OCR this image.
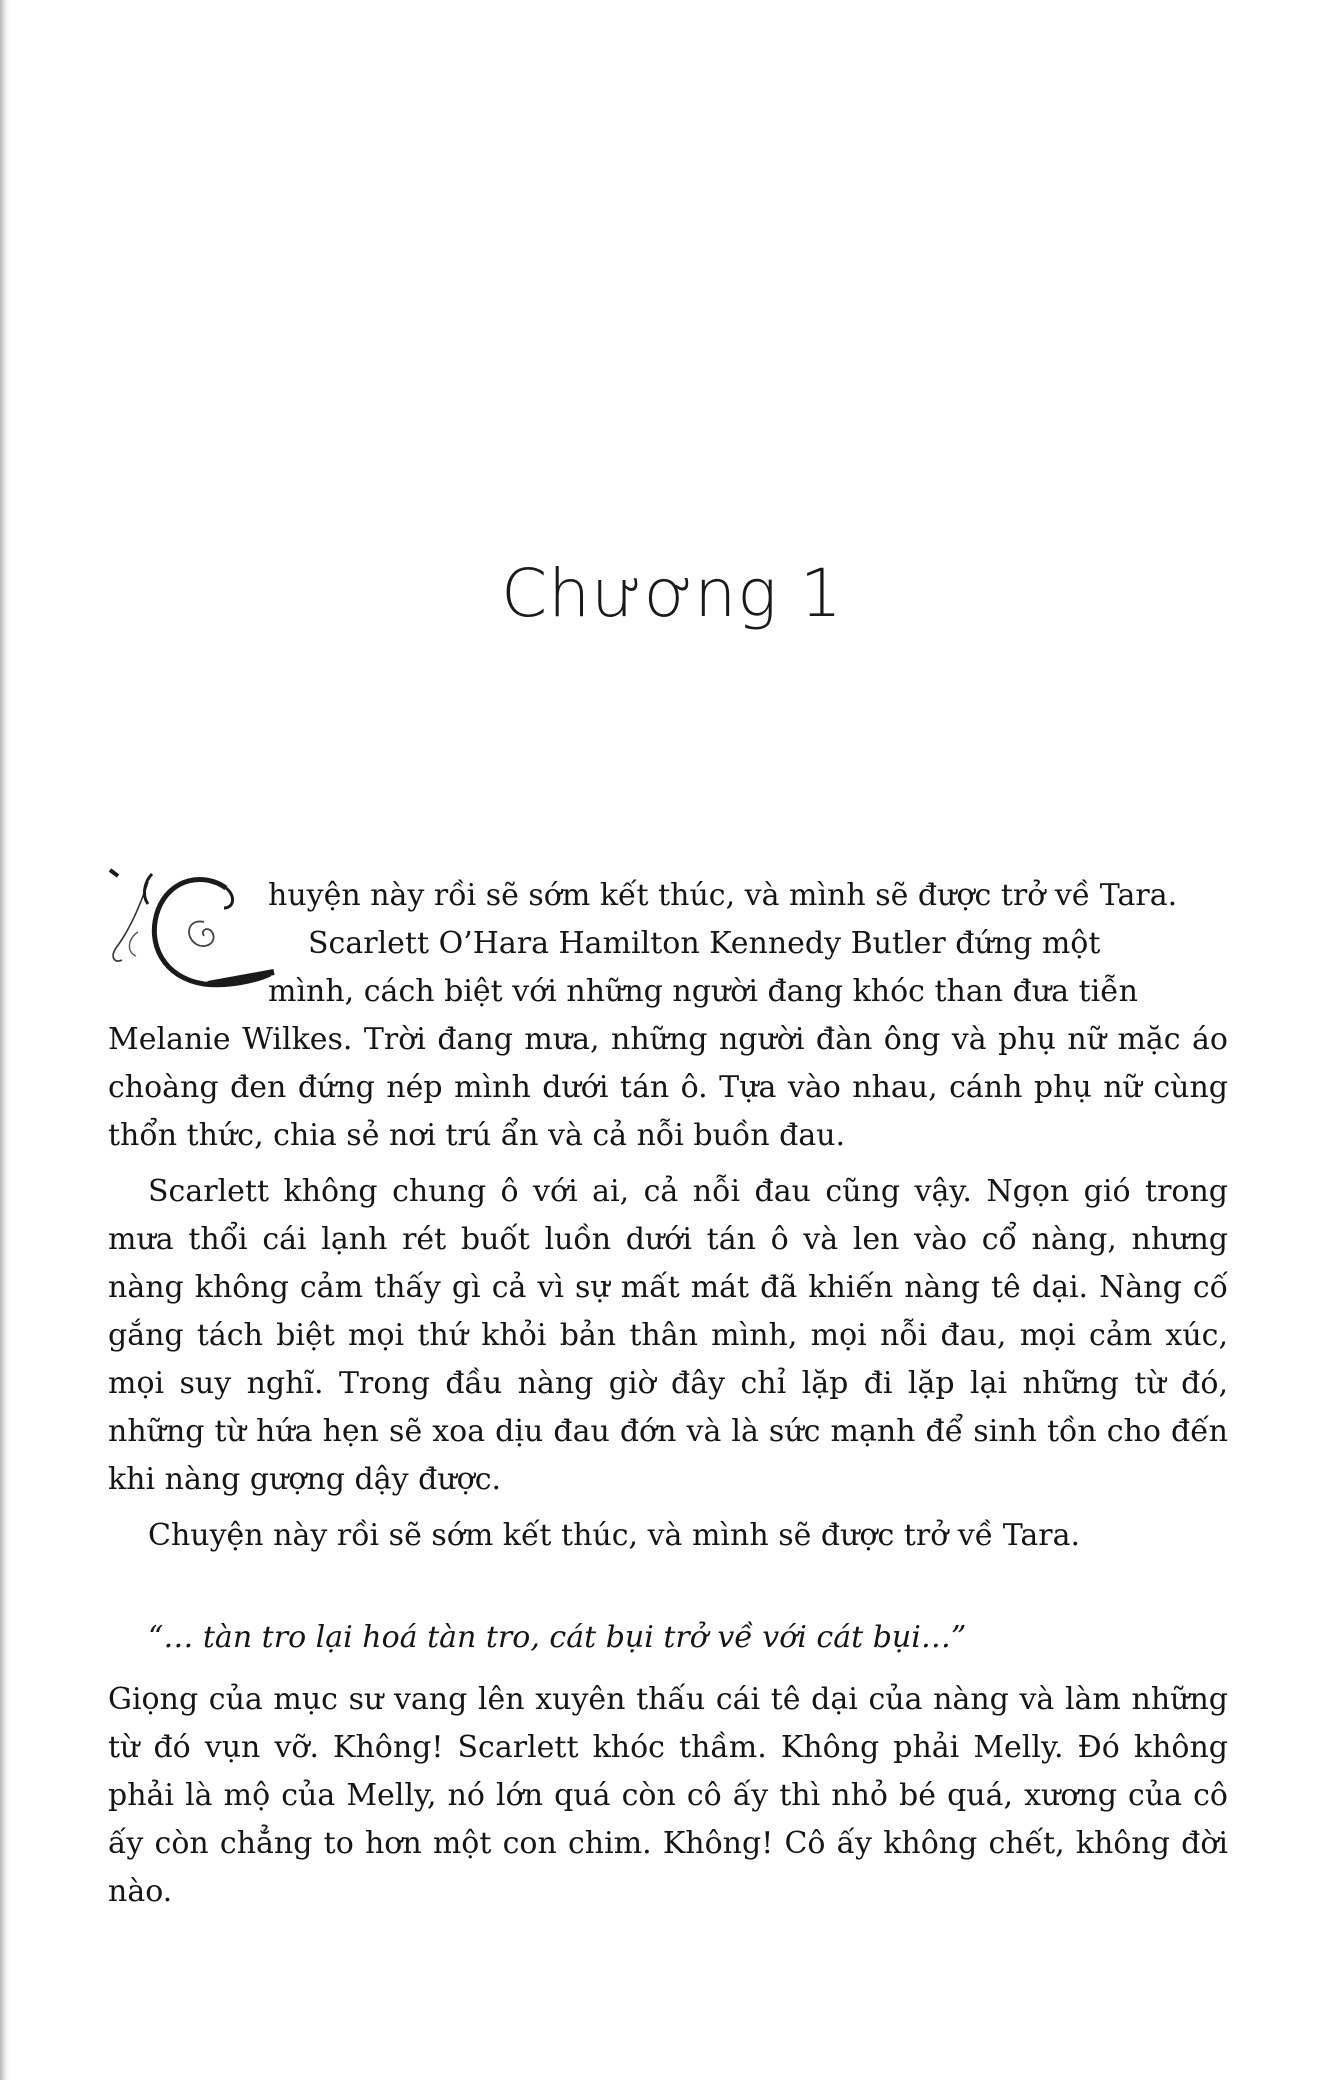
Chương 1
huyện này rồi sẽ sớm kết thúc, và mình sẽ được trở về Tara.
Scarlett O’Hara Hamilton Kennedy Butler đứng một
mình, cách biệt với những người đang khóc than đưa tiễn
Melanie Wilkes. Trời đang mưa, những người đàn ông và phụ nữ mặc áo choàng đen đứng nép mình dưới tán ô. Tựa vào nhau, cánh phụ nữ cùng thổn thức, chia sẻ nơi trú ẩn và cả nỗi buồn đau.

Scarlett không chung ô với ai, cả nỗi đau cũng vậy. Ngọn gió trong mưa thổi cái lạnh rét buốt luồn dưới tán ô và len vào cổ nàng, nhưng nàng không cảm thấy gì cả vì sự mất mát đã khiến nàng tê dại. Nàng cố gắng tách biệt mọi thứ khỏi bản thân mình, mọi nỗi đau, mọi cảm xúc, mọi suy nghĩ. Trong đầu nàng giờ đây chỉ lặp đi lặp lại những từ đó, những từ hứa hẹn sẽ xoa dịu đau đớn và là sức mạnh để sinh tồn cho đến khi nàng gượng dậy được.

Chuyện này rồi sẽ sớm kết thúc, và mình sẽ được trở về Tara.

“… tàn tro lại hoá tàn tro, cát bụi trở về với cát bụi…”

Giọng của mục sư vang lên xuyên thấu cái tê dại của nàng và làm những từ đó vụn vỡ. Không! Scarlett khóc thầm. Không phải Melly. Đó không phải là mộ của Melly, nó lớn quá còn cô ấy thì nhỏ bé quá, xương của cô ấy còn chẳng to hơn một con chim. Không! Cô ấy không chết, không đời nào.
